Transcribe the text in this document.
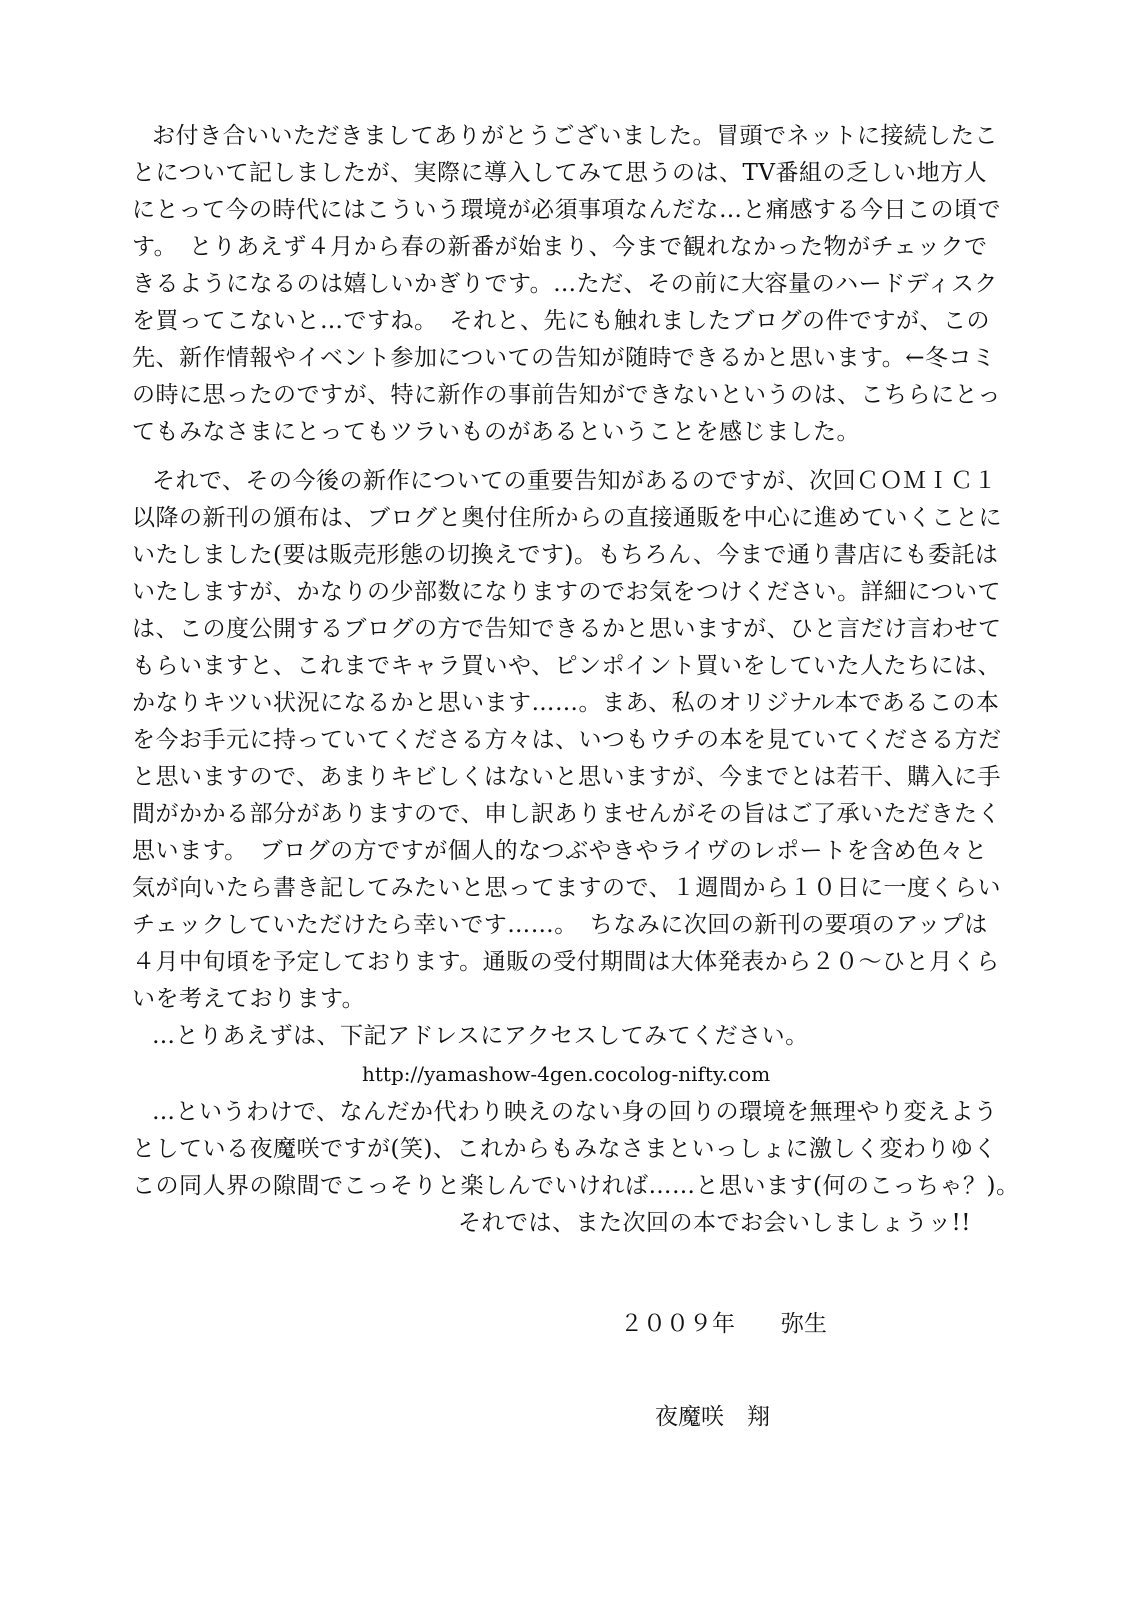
お付き合いいただきましてありがとうございました。冒頭でネットに接続したこ
とについて記しましたが、実際に導入してみて思うのは、TV番組の乏しい地方人
にとって今の時代にはこういう環境が必須事項なんだな…と痛感する今日この頃で
す。　とりあえず４月から春の新番が始まり、今まで観れなかった物がチェックで
きるようになるのは嬉しいかぎりです。…ただ、その前に大容量のハードディスク
を買ってこないと…ですね。　それと、先にも触れましたブログの件ですが、この
先、新作情報やイベント参加についての告知が随時できるかと思います。←冬コミ
の時に思ったのですが、特に新作の事前告知ができないというのは、こちらにとっ
てもみなさまにとってもツラいものがあるということを感じました。
それで、その今後の新作についての重要告知があるのですが、次回ＣＯＭＩＣ１
以降の新刊の頒布は、ブログと奥付住所からの直接通販を中心に進めていくことに
いたしました(要は販売形態の切換えです)。もちろん、今まで通り書店にも委託は
いたしますが、かなりの少部数になりますのでお気をつけください。詳細について
は、この度公開するブログの方で告知できるかと思いますが、ひと言だけ言わせて
もらいますと、これまでキャラ買いや、ピンポイント買いをしていた人たちには、
かなりキツい状況になるかと思います……。まあ、私のオリジナル本であるこの本
を今お手元に持っていてくださる方々は、いつもウチの本を見ていてくださる方だ
と思いますので、あまりキビしくはないと思いますが、今までとは若干、購入に手
間がかかる部分がありますので、申し訳ありませんがその旨はご了承いただきたく
思います。　ブログの方ですが個人的なつぶやきやライヴのレポートを含め色々と
気が向いたら書き記してみたいと思ってますので、１週間から１０日に一度くらい
チェックしていただけたら幸いです……。　ちなみに次回の新刊の要項のアップは
４月中旬頃を予定しております。通販の受付期間は大体発表から２０～ひと月くら
いを考えております。
…とりあえずは、下記アドレスにアクセスしてみてください。
http://yamashow-4gen.cocolog-nifty.com
…というわけで、なんだか代わり映えのない身の回りの環境を無理やり変えよう
としている夜魔咲ですが(笑)、これからもみなさまといっしょに激しく変わりゆく
この同人界の隙間でこっそりと楽しんでいければ……と思います(何のこっちゃ？)。
それでは、また次回の本でお会いしましょうッ!!
２００９年　　弥生
夜魔咲　翔
